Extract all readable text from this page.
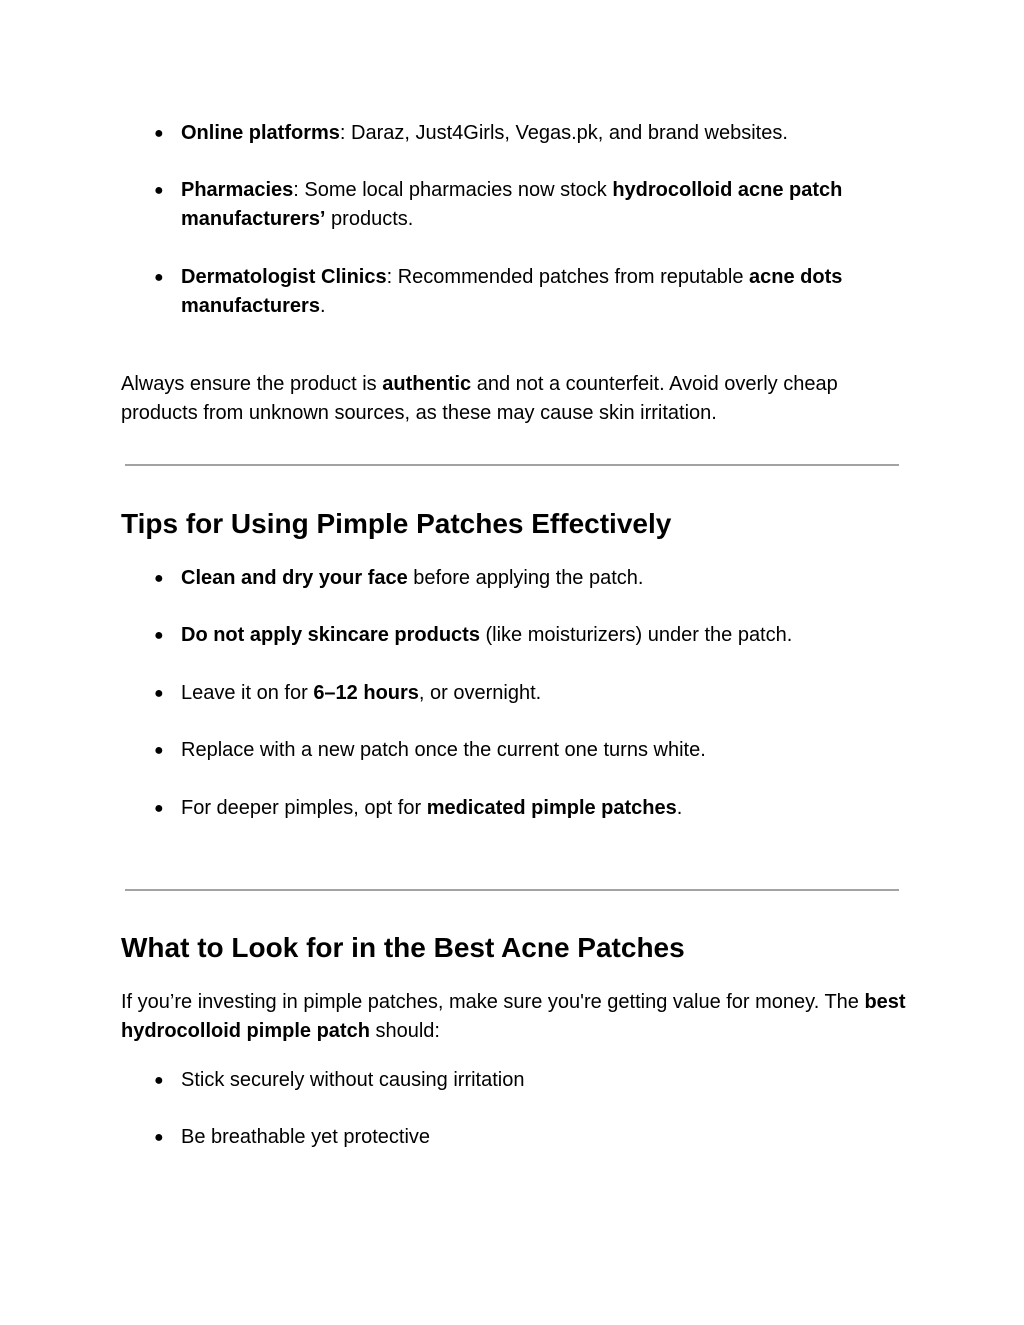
● Online platforms: Daraz, Just4Girls, Vegas.pk, and brand websites.
● Pharmacies: Some local pharmacies now stock hydrocolloid acne patch manufacturers’ products.
● Dermatologist Clinics: Recommended patches from reputable acne dots manufacturers.

Always ensure the product is authentic and not a counterfeit. Avoid overly cheap products from unknown sources, as these may cause skin irritation.

Tips for Using Pimple Patches Effectively
● Clean and dry your face before applying the patch.
● Do not apply skincare products (like moisturizers) under the patch.
● Leave it on for 6–12 hours, or overnight.
● Replace with a new patch once the current one turns white.
● For deeper pimples, opt for medicated pimple patches.
What to Look for in the Best Acne Patches

If you’re investing in pimple patches, make sure you're getting value for money. The best hydrocolloid pimple patch should:

● Stick securely without causing irritation
● Be breathable yet protective
